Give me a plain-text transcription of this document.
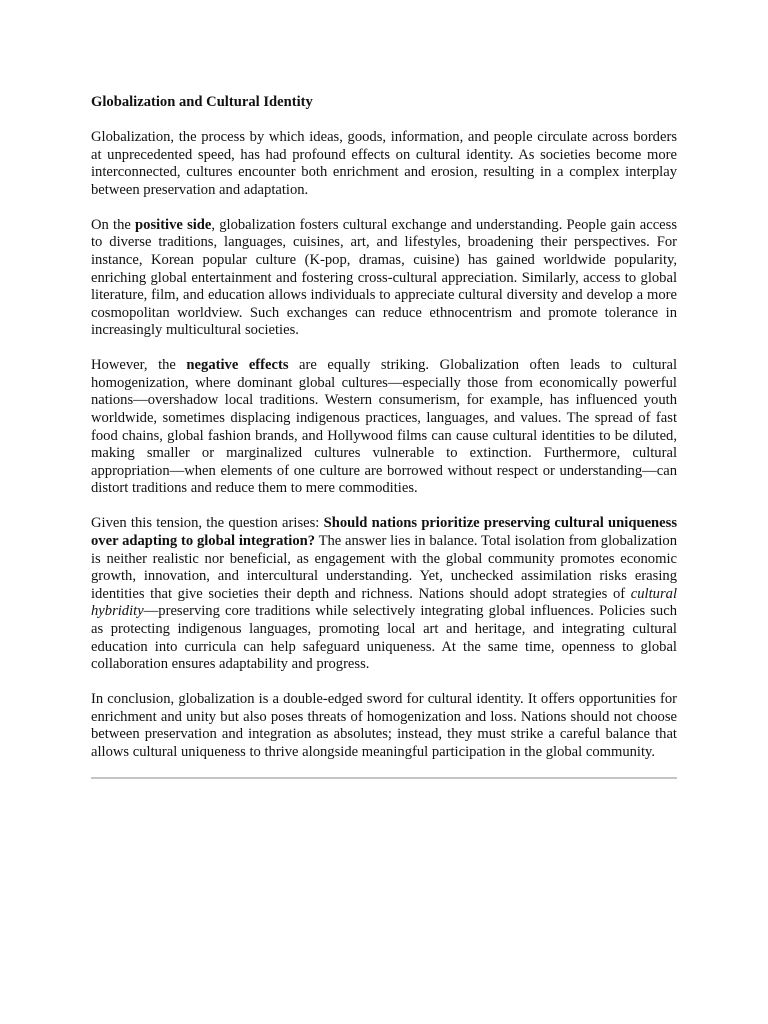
Globalization and Cultural Identity

Globalization, the process by which ideas, goods, information, and people circulate across borders at unprecedented speed, has had profound effects on cultural identity. As societies become more interconnected, cultures encounter both enrichment and erosion, resulting in a complex interplay between preservation and adaptation.

On the positive side, globalization fosters cultural exchange and understanding. People gain access to diverse traditions, languages, cuisines, art, and lifestyles, broadening their perspectives. For instance, Korean popular culture (K-pop, dramas, cuisine) has gained worldwide popularity, enriching global entertainment and fostering cross-cultural appreciation. Similarly, access to global literature, film, and education allows individuals to appreciate cultural diversity and develop a more cosmopolitan worldview. Such exchanges can reduce ethnocentrism and promote tolerance in increasingly multicultural societies.

However, the negative effects are equally striking. Globalization often leads to cultural homogenization, where dominant global cultures—especially those from economically powerful nations—overshadow local traditions. Western consumerism, for example, has influenced youth worldwide, sometimes displacing indigenous practices, languages, and values. The spread of fast food chains, global fashion brands, and Hollywood films can cause cultural identities to be diluted, making smaller or marginalized cultures vulnerable to extinction. Furthermore, cultural appropriation—when elements of one culture are borrowed without respect or understanding—can distort traditions and reduce them to mere commodities.

Given this tension, the question arises: Should nations prioritize preserving cultural uniqueness over adapting to global integration? The answer lies in balance. Total isolation from globalization is neither realistic nor beneficial, as engagement with the global community promotes economic growth, innovation, and intercultural understanding. Yet, unchecked assimilation risks erasing identities that give societies their depth and richness. Nations should adopt strategies of cultural hybridity—preserving core traditions while selectively integrating global influences. Policies such as protecting indigenous languages, promoting local art and heritage, and integrating cultural education into curricula can help safeguard uniqueness. At the same time, openness to global collaboration ensures adaptability and progress.

In conclusion, globalization is a double-edged sword for cultural identity. It offers opportunities for enrichment and unity but also poses threats of homogenization and loss. Nations should not choose between preservation and integration as absolutes; instead, they must strike a careful balance that allows cultural uniqueness to thrive alongside meaningful participation in the global community.
